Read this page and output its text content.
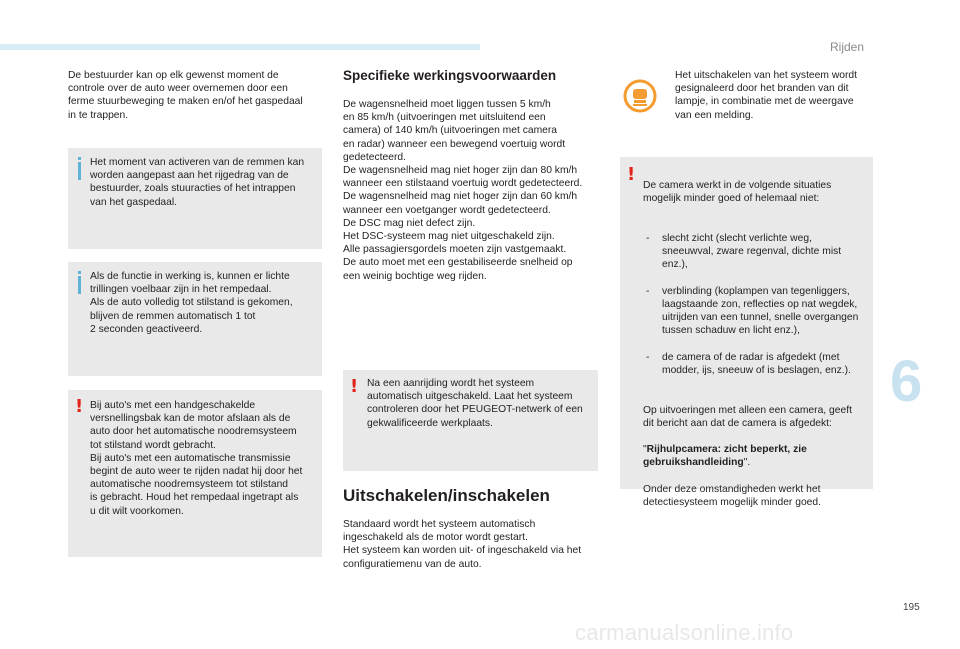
Rijden
6
De bestuurder kan op elk gewenst moment de
controle over de auto weer overnemen door een
ferme stuurbeweging te maken en/of het gaspedaal
in te trappen.
Het moment van activeren van de remmen kan
worden aangepast aan het rijgedrag van de
bestuurder, zoals stuuracties of het intrappen
van het gaspedaal.
Als de functie in werking is, kunnen er lichte
trillingen voelbaar zijn in het rempedaal.
Als de auto volledig tot stilstand is gekomen,
blijven de remmen automatisch 1 tot
2 seconden geactiveerd.
! Bij auto's met een handgeschakelde
versnellingsbak kan de motor afslaan als de
auto door het automatische noodremsysteem
tot stilstand wordt gebracht.
Bij auto's met een automatische transmissie
begint de auto weer te rijden nadat hij door het
automatische noodremsysteem tot stilstand
is gebracht. Houd het rempedaal ingetrapt als
u dit wilt voorkomen.
Specifieke werkingsvoorwaarden
De wagensnelheid moet liggen tussen 5 km/h
en 85 km/h (uitvoeringen met uitsluitend een
camera) of 140 km/h (uitvoeringen met camera
en radar) wanneer een bewegend voertuig wordt
gedetecteerd.
De wagensnelheid mag niet hoger zijn dan 80 km/h
wanneer een stilstaand voertuig wordt gedetecteerd.
De wagensnelheid mag niet hoger zijn dan 60 km/h
wanneer een voetganger wordt gedetecteerd.
De DSC mag niet defect zijn.
Het DSC-systeem mag niet uitgeschakeld zijn.
Alle passagiersgordels moeten zijn vastgemaakt.
De auto moet met een gestabiliseerde snelheid op
een weinig bochtige weg rijden.
! Na een aanrijding wordt het systeem
automatisch uitgeschakeld. Laat het systeem
controleren door het PEUGEOT-netwerk of een
gekwalificeerde werkplaats.
Uitschakelen/inschakelen
Standaard wordt het systeem automatisch
ingeschakeld als de motor wordt gestart.
Het systeem kan worden uit- of ingeschakeld via het
configuratiemenu van de auto.
Het uitschakelen van het systeem wordt
gesignaleerd door het branden van dit
lampje, in combinatie met de weergave
van een melding.
!

De camera werkt in de volgende situaties
mogelijk minder goed of helemaal niet:

- slecht zicht (slecht verlichte weg,
sneeuwval, zware regenval, dichte mist
enz.),

- verblinding (koplampen van tegenliggers,
laagstaande zon, reflecties op nat wegdek,
uitrijden van een tunnel, snelle overgangen
tussen schaduw en licht enz.),

- de camera of de radar is afgedekt (met
modder, ijs, sneeuw of is beslagen, enz.).

Op uitvoeringen met alleen een camera, geeft
dit bericht aan dat de camera is afgedekt:

"Rijhulpcamera: zicht beperkt, zie
gebruikshandleiding".

Onder deze omstandigheden werkt het
detectiesysteem mogelijk minder goed.

195
carmanualsonline.info
